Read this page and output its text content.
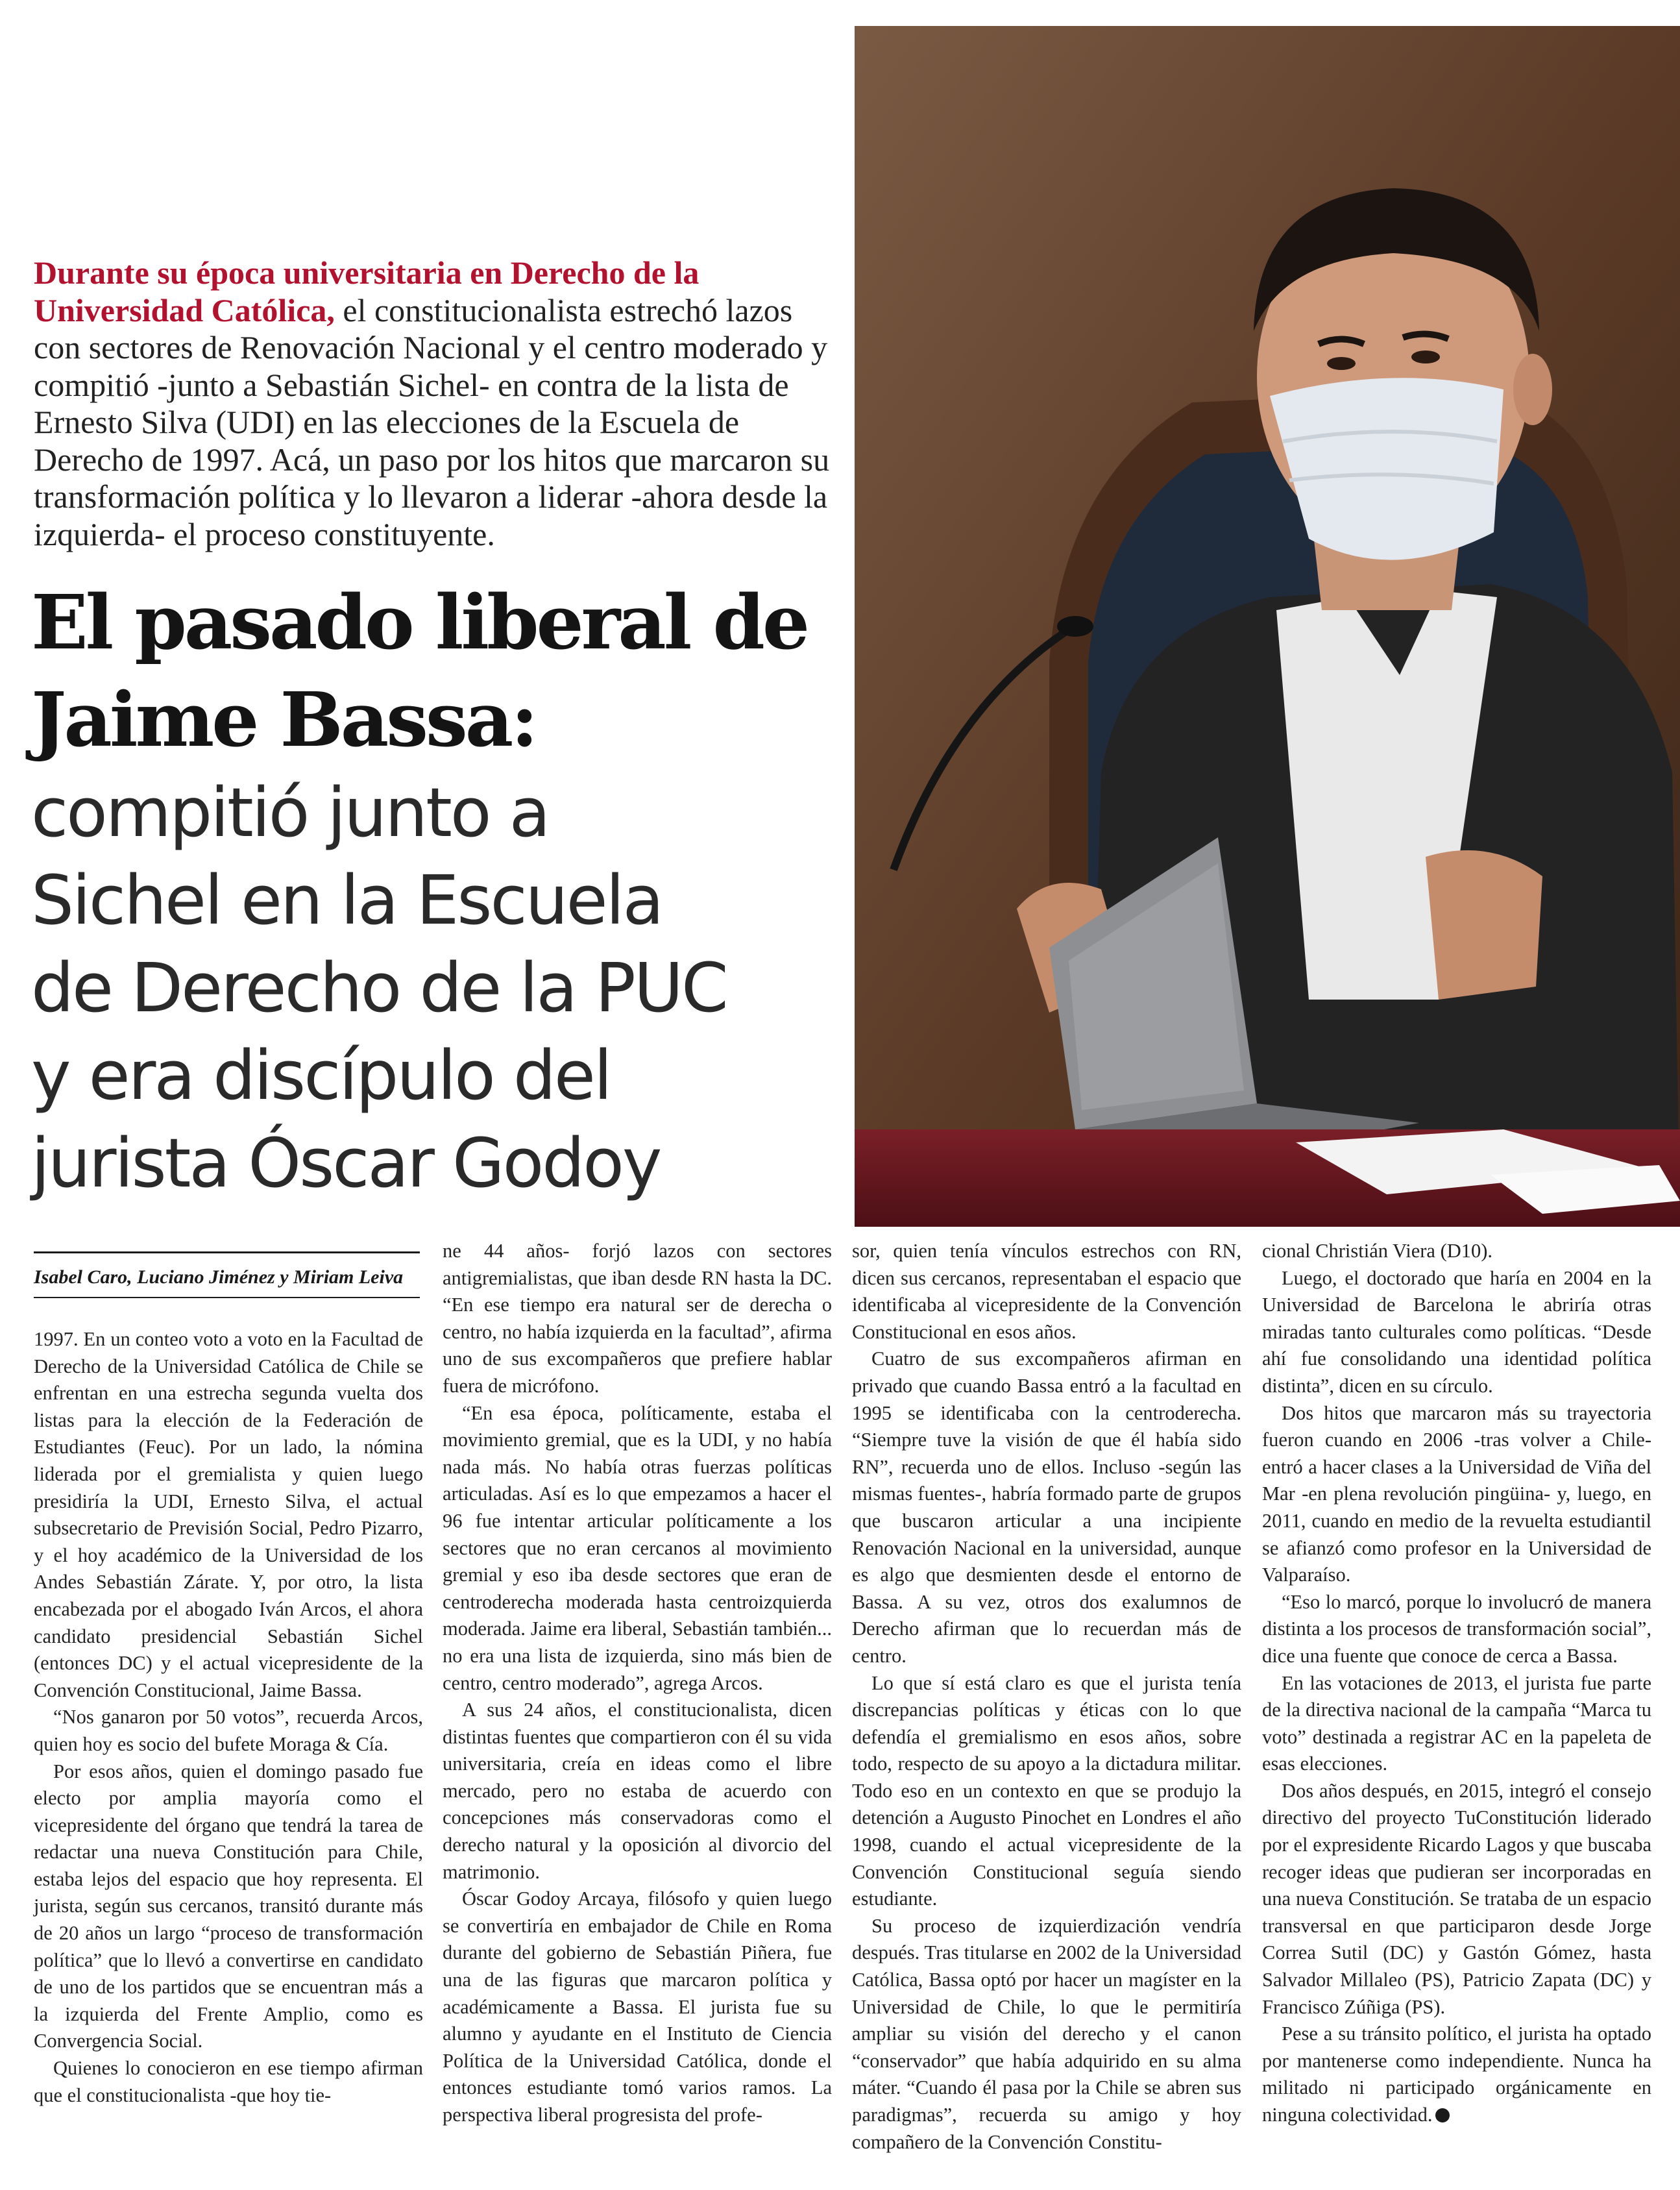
Durante su época universitaria en Derecho de la Universidad Católica, el constitucionalista estrechó lazos con sectores de Renovación Nacional y el centro moderado y compitió -junto a Sebastián Sichel- en contra de la lista de Ernesto Silva (UDI) en las elecciones de la Escuela de Derecho de 1997. Acá, un paso por los hitos que marcaron su transformación política y lo llevaron a liderar -ahora desde la izquierda- el proceso constituyente.

El pasado liberal de
Jaime Bassa:
compitió junto a
Sichel en la Escuela
de Derecho de la PUC
y era discípulo del
jurista Óscar Godoy

Isabel Caro, Luciano Jiménez y Miriam Leiva

1997. En un conteo voto a voto en la Facultad de Derecho de la Universidad Católica de Chile se enfrentan en una estrecha segunda vuelta dos listas para la elección de la Federación de Estudiantes (Feuc). Por un lado, la nómina liderada por el gremialista y quien luego presidiría la UDI, Ernesto Silva, el actual subsecretario de Previsión Social, Pedro Pizarro, y el hoy académico de la Universidad de los Andes Sebastián Zárate. Y, por otro, la lista encabezada por el abogado Iván Arcos, el ahora candidato presidencial Sebastián Sichel (entonces DC) y el actual vicepresidente de la Convención Constitucional, Jaime Bassa.

“Nos ganaron por 50 votos”, recuerda Arcos, quien hoy es socio del bufete Moraga & Cía.

Por esos años, quien el domingo pasado fue electo por amplia mayoría como el vicepresidente del órgano que tendrá la tarea de redactar una nueva Constitución para Chile, estaba lejos del espacio que hoy representa. El jurista, según sus cercanos, transitó durante más de 20 años un largo “proceso de transformación política” que lo llevó a convertirse en candidato de uno de los partidos que se encuentran más a la izquierda del Frente Amplio, como es Convergencia Social.

Quienes lo conocieron en ese tiempo afirman que el constitucionalista -que hoy tie-

ne 44 años- forjó lazos con sectores antigremialistas, que iban desde RN hasta la DC. “En ese tiempo era natural ser de derecha o centro, no había izquierda en la facultad”, afirma uno de sus excompañeros que prefiere hablar fuera de micrófono.

“En esa época, políticamente, estaba el movimiento gremial, que es la UDI, y no había nada más. No había otras fuerzas políticas articuladas. Así es lo que empezamos a hacer el 96 fue intentar articular políticamente a los sectores que no eran cercanos al movimiento gremial y eso iba desde sectores que eran de centroderecha moderada hasta centroizquierda moderada. Jaime era liberal, Sebastián también... no era una lista de izquierda, sino más bien de centro, centro moderado”, agrega Arcos.

A sus 24 años, el constitucionalista, dicen distintas fuentes que compartieron con él su vida universitaria, creía en ideas como el libre mercado, pero no estaba de acuerdo con concepciones más conservadoras como el derecho natural y la oposición al divorcio del matrimonio.

Óscar Godoy Arcaya, filósofo y quien luego se convertiría en embajador de Chile en Roma durante del gobierno de Sebastián Piñera, fue una de las figuras que marcaron política y académicamente a Bassa. El jurista fue su alumno y ayudante en el Instituto de Ciencia Política de la Universidad Católica, donde el entonces estudiante tomó varios ramos. La perspectiva liberal progresista del profe-

sor, quien tenía vínculos estrechos con RN, dicen sus cercanos, representaban el espacio que identificaba al vicepresidente de la Convención Constitucional en esos años.

Cuatro de sus excompañeros afirman en privado que cuando Bassa entró a la facultad en 1995 se identificaba con la centroderecha. “Siempre tuve la visión de que él había sido RN”, recuerda uno de ellos. Incluso -según las mismas fuentes-, habría formado parte de grupos que buscaron articular a una incipiente Renovación Nacional en la universidad, aunque es algo que desmienten desde el entorno de Bassa. A su vez, otros dos exalumnos de Derecho afirman que lo recuerdan más de centro.

Lo que sí está claro es que el jurista tenía discrepancias políticas y éticas con lo que defendía el gremialismo en esos años, sobre todo, respecto de su apoyo a la dictadura militar. Todo eso en un contexto en que se produjo la detención a Augusto Pinochet en Londres el año 1998, cuando el actual vicepresidente de la Convención Constitucional seguía siendo estudiante.

Su proceso de izquierdización vendría después. Tras titularse en 2002 de la Universidad Católica, Bassa optó por hacer un magíster en la Universidad de Chile, lo que le permitiría ampliar su visión del derecho y el canon “conservador” que había adquirido en su alma máter. “Cuando él pasa por la Chile se abren sus paradigmas”, recuerda su amigo y hoy compañero de la Convención Constitu-

cional Christián Viera (D10).

Luego, el doctorado que haría en 2004 en la Universidad de Barcelona le abriría otras miradas tanto culturales como políticas. “Desde ahí fue consolidando una identidad política distinta”, dicen en su círculo.

Dos hitos que marcaron más su trayectoria fueron cuando en 2006 -tras volver a Chile- entró a hacer clases a la Universidad de Viña del Mar -en plena revolución pingüina- y, luego, en 2011, cuando en medio de la revuelta estudiantil se afianzó como profesor en la Universidad de Valparaíso.

“Eso lo marcó, porque lo involucró de manera distinta a los procesos de transformación social”, dice una fuente que conoce de cerca a Bassa.

En las votaciones de 2013, el jurista fue parte de la directiva nacional de la campaña “Marca tu voto” destinada a registrar AC en la papeleta de esas elecciones.

Dos años después, en 2015, integró el consejo directivo del proyecto TuConstitución liderado por el expresidente Ricardo Lagos y que buscaba recoger ideas que pudieran ser incorporadas en una nueva Constitución. Se trataba de un espacio transversal en que participaron desde Jorge Correa Sutil (DC) y Gastón Gómez, hasta Salvador Millaleo (PS), Patricio Zapata (DC) y Francisco Zúñiga (PS).

Pese a su tránsito político, el jurista ha optado por mantenerse como independiente. Nunca ha militado ni participado orgánicamente en ninguna colectividad.
